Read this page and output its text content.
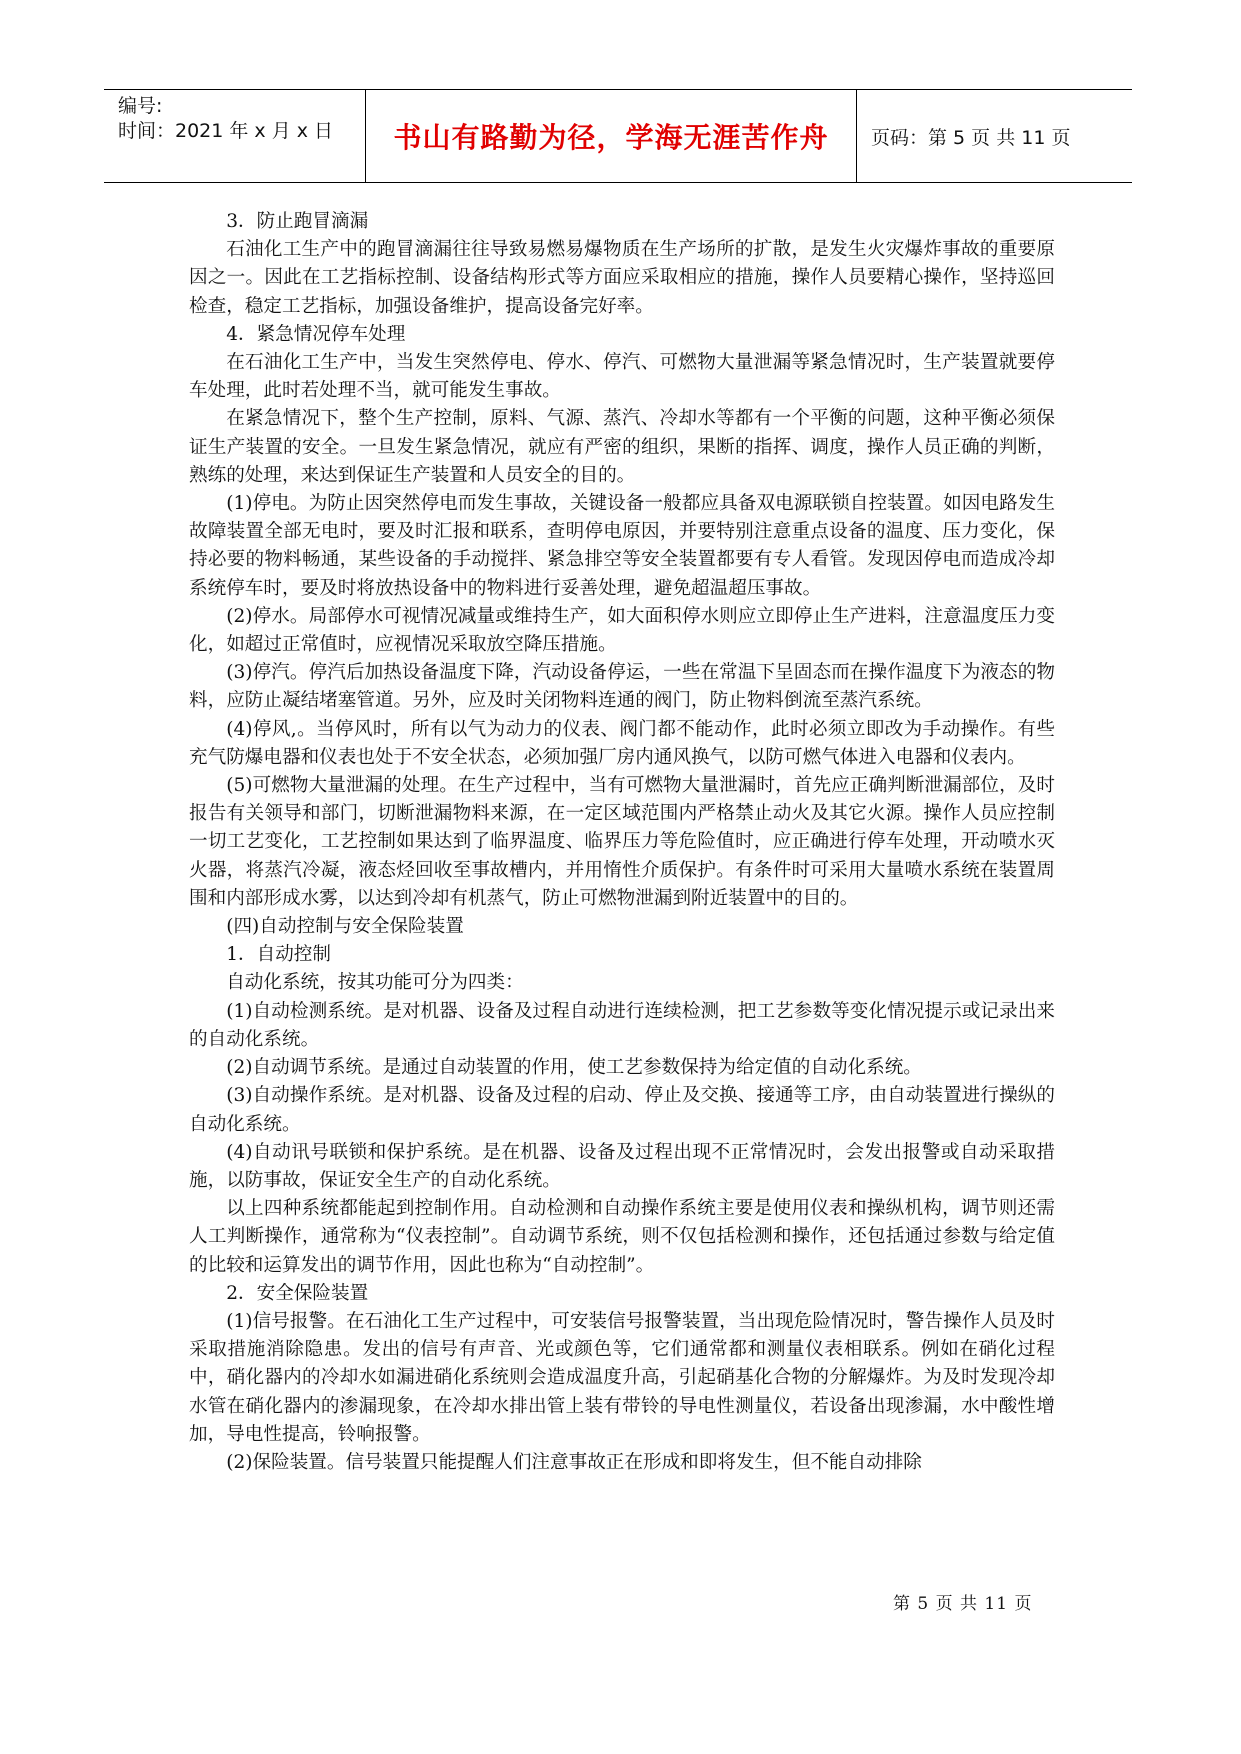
编号:
时间：2021 年 x 月 x 日	书山有路勤为径，学海无涯苦作舟	页码：第 5 页 共 11 页

3．防止跑冒滴漏

石油化工生产中的跑冒滴漏往往导致易燃易爆物质在生产场所的扩散，是发生火灾爆炸事故的重要原因之一。因此在工艺指标控制、设备结构形式等方面应采取相应的措施，操作人员要精心操作，坚持巡回检查，稳定工艺指标，加强设备维护，提高设备完好率。

4．紧急情况停车处理

在石油化工生产中，当发生突然停电、停水、停汽、可燃物大量泄漏等紧急情况时，生产装置就要停车处理，此时若处理不当，就可能发生事故。

在紧急情况下，整个生产控制，原料、气源、蒸汽、冷却水等都有一个平衡的问题，这种平衡必须保证生产装置的安全。一旦发生紧急情况，就应有严密的组织，果断的指挥、调度，操作人员正确的判断，熟练的处理，来达到保证生产装置和人员安全的目的。

(1)停电。为防止因突然停电而发生事故，关键设备一般都应具备双电源联锁自控装置。如因电路发生故障装置全部无电时，要及时汇报和联系，查明停电原因，并要特别注意重点设备的温度、压力变化，保持必要的物料畅通，某些设备的手动搅拌、紧急排空等安全装置都要有专人看管。发现因停电而造成冷却系统停车时，要及时将放热设备中的物料进行妥善处理，避免超温超压事故。

(2)停水。局部停水可视情况减量或维持生产，如大面积停水则应立即停止生产进料，注意温度压力变化，如超过正常值时，应视情况采取放空降压措施。

(3)停汽。停汽后加热设备温度下降，汽动设备停运，一些在常温下呈固态而在操作温度下为液态的物料，应防止凝结堵塞管道。另外，应及时关闭物料连通的阀门，防止物料倒流至蒸汽系统。

(4)停风,。当停风时，所有以气为动力的仪表、阀门都不能动作，此时必须立即改为手动操作。有些充气防爆电器和仪表也处于不安全状态，必须加强厂房内通风换气，以防可燃气体进入电器和仪表内。

(5)可燃物大量泄漏的处理。在生产过程中，当有可燃物大量泄漏时，首先应正确判断泄漏部位，及时报告有关领导和部门，切断泄漏物料来源，在一定区域范围内严格禁止动火及其它火源。操作人员应控制一切工艺变化，工艺控制如果达到了临界温度、临界压力等危险值时，应正确进行停车处理，开动喷水灭火器，将蒸汽冷凝，液态烃回收至事故槽内，并用惰性介质保护。有条件时可采用大量喷水系统在装置周围和内部形成水雾，以达到冷却有机蒸气，防止可燃物泄漏到附近装置中的目的。

(四)自动控制与安全保险装置

1．自动控制

自动化系统，按其功能可分为四类：

(1)自动检测系统。是对机器、设备及过程自动进行连续检测，把工艺参数等变化情况提示或记录出来的自动化系统。

(2)自动调节系统。是通过自动装置的作用，使工艺参数保持为给定值的自动化系统。

(3)自动操作系统。是对机器、设备及过程的启动、停止及交换、接通等工序，由自动装置进行操纵的自动化系统。

(4)自动讯号联锁和保护系统。是在机器、设备及过程出现不正常情况时，会发出报警或自动采取措施，以防事故，保证安全生产的自动化系统。

以上四种系统都能起到控制作用。自动检测和自动操作系统主要是使用仪表和操纵机构，调节则还需人工判断操作，通常称为“仪表控制”。自动调节系统，则不仅包括检测和操作，还包括通过参数与给定值的比较和运算发出的调节作用，因此也称为“自动控制”。

2．安全保险装置

(1)信号报警。在石油化工生产过程中，可安装信号报警装置，当出现危险情况时，警告操作人员及时采取措施消除隐患。发出的信号有声音、光或颜色等，它们通常都和测量仪表相联系。例如在硝化过程中，硝化器内的冷却水如漏进硝化系统则会造成温度升高，引起硝基化合物的分解爆炸。为及时发现冷却水管在硝化器内的渗漏现象，在冷却水排出管上装有带铃的导电性测量仪，若设备出现渗漏，水中酸性增加，导电性提高，铃响报警。

(2)保险装置。信号装置只能提醒人们注意事故正在形成和即将发生，但不能自动排除

第 5 页 共 11 页
